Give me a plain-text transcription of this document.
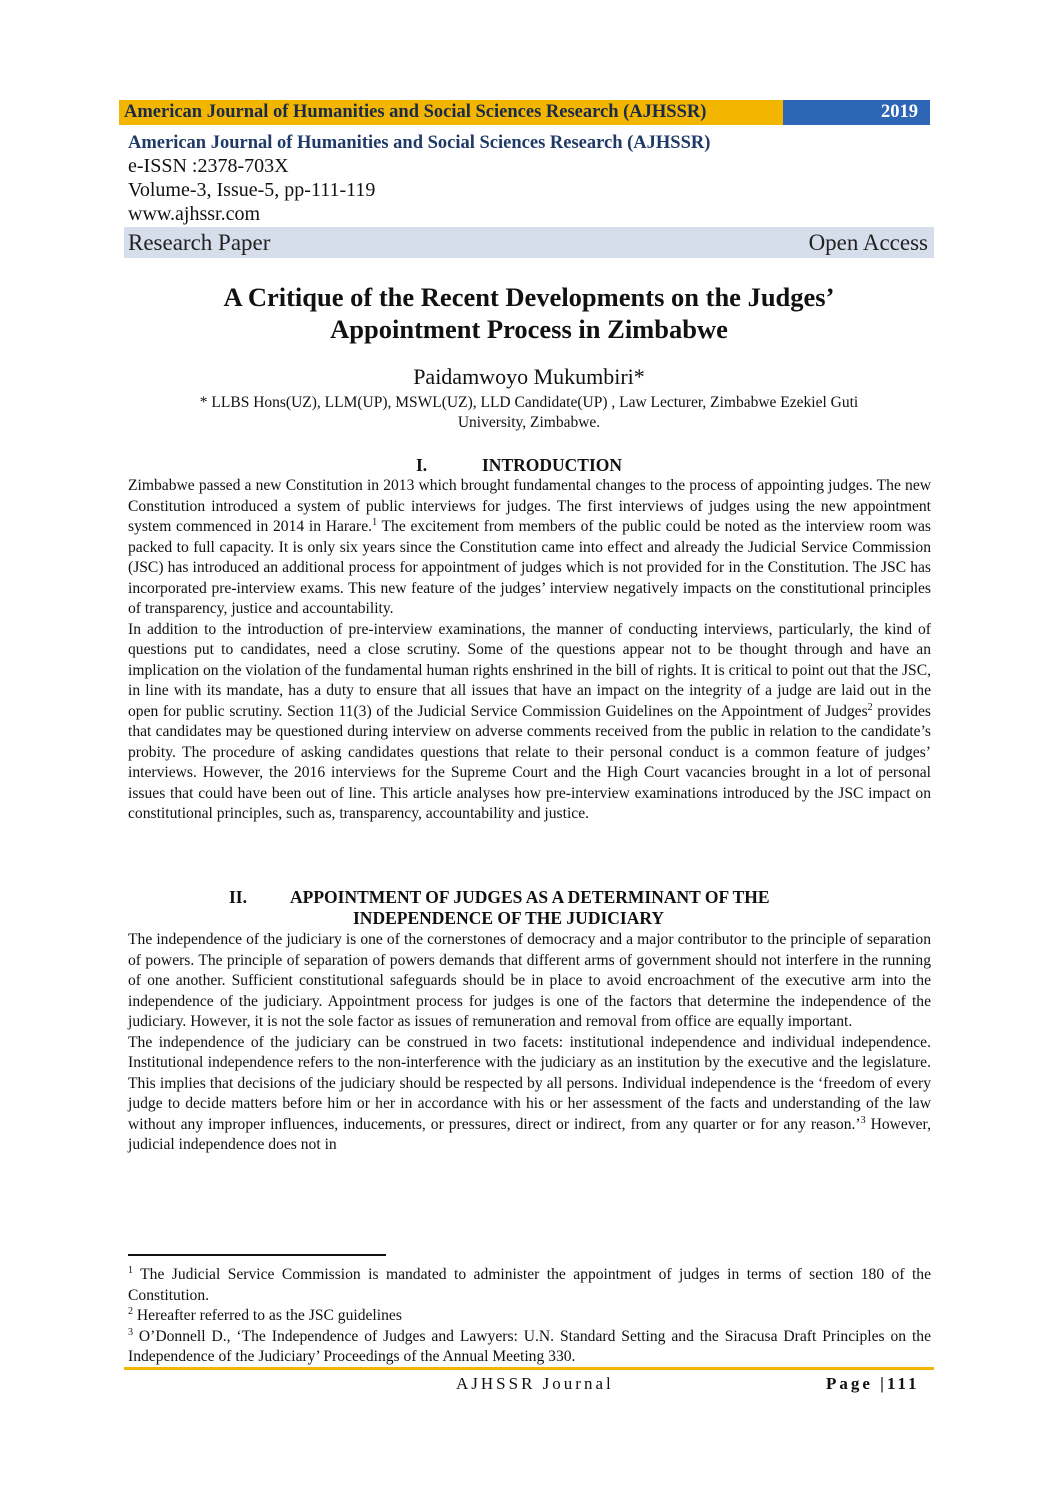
American Journal of Humanities and Social Sciences Research (AJHSSR)	2019
American Journal of Humanities and Social Sciences Research (AJHSSR)
e-ISSN :2378-703X
Volume-3, Issue-5, pp-111-119
www.ajhssr.com
Research Paper	Open Access
A Critique of the Recent Developments on the Judges’
Appointment Process in Zimbabwe
Paidamwoyo Mukumbiri*
* LLBS Hons(UZ), LLM(UP), MSWL(UZ), LLD Candidate(UP) , Law Lecturer, Zimbabwe Ezekiel Guti
University, Zimbabwe.
I.	INTRODUCTION

Zimbabwe passed a new Constitution in 2013 which brought fundamental changes to the process of appointing judges. The new Constitution introduced a system of public interviews for judges. The first interviews of judges using the new appointment system commenced in 2014 in Harare.$^1$ The excitement from members of the public could be noted as the interview room was packed to full capacity. It is only six years since the Constitution came into effect and already the Judicial Service Commission (JSC) has introduced an additional process for appointment of judges which is not provided for in the Constitution. The JSC has incorporated pre-interview exams. This new feature of the judges’ interview negatively impacts on the constitutional principles of transparency, justice and accountability.

In addition to the introduction of pre-interview examinations, the manner of conducting interviews, particularly, the kind of questions put to candidates, need a close scrutiny. Some of the questions appear not to be thought through and have an implication on the violation of the fundamental human rights enshrined in the bill of rights. It is critical to point out that the JSC, in line with its mandate, has a duty to ensure that all issues that have an impact on the integrity of a judge are laid out in the open for public scrutiny. Section 11(3) of the Judicial Service Commission Guidelines on the Appointment of Judges$^2$ provides that candidates may be questioned during interview on adverse comments received from the public in relation to the candidate’s probity. The procedure of asking candidates questions that relate to their personal conduct is a common feature of judges’ interviews. However, the 2016 interviews for the Supreme Court and the High Court vacancies brought in a lot of personal issues that could have been out of line. This article analyses how pre-interview examinations introduced by the JSC impact on constitutional principles, such as, transparency, accountability and justice.

II. APPOINTMENT OF JUDGES AS A DETERMINANT OF THE
INDEPENDENCE OF THE JUDICIARY

The independence of the judiciary is one of the cornerstones of democracy and a major contributor to the principle of separation of powers. The principle of separation of powers demands that different arms of government should not interfere in the running of one another. Sufficient constitutional safeguards should be in place to avoid encroachment of the executive arm into the independence of the judiciary. Appointment process for judges is one of the factors that determine the independence of the judiciary. However, it is not the sole factor as issues of remuneration and removal from office are equally important.

The independence of the judiciary can be construed in two facets: institutional independence and individual independence. Institutional independence refers to the non-interference with the judiciary as an institution by the executive and the legislature. This implies that decisions of the judiciary should be respected by all persons. Individual independence is the ‘freedom of every judge to decide matters before him or her in accordance with his or her assessment of the facts and understanding of the law without any improper influences, inducements, or pressures, direct or indirect, from any quarter or for any reason.’$^3$ However, judicial independence does not in

$^1$ The Judicial Service Commission is mandated to administer the appointment of judges in terms of section 180 of the Constitution.

$^2$ Hereafter referred to as the JSC guidelines

$^3$ O’Donnell D., ‘The Independence of Judges and Lawyers: U.N. Standard Setting and the Siracusa Draft Principles on the Independence of the Judiciary’ Proceedings of the Annual Meeting 330.

AJHSSR Journal	Page |111
